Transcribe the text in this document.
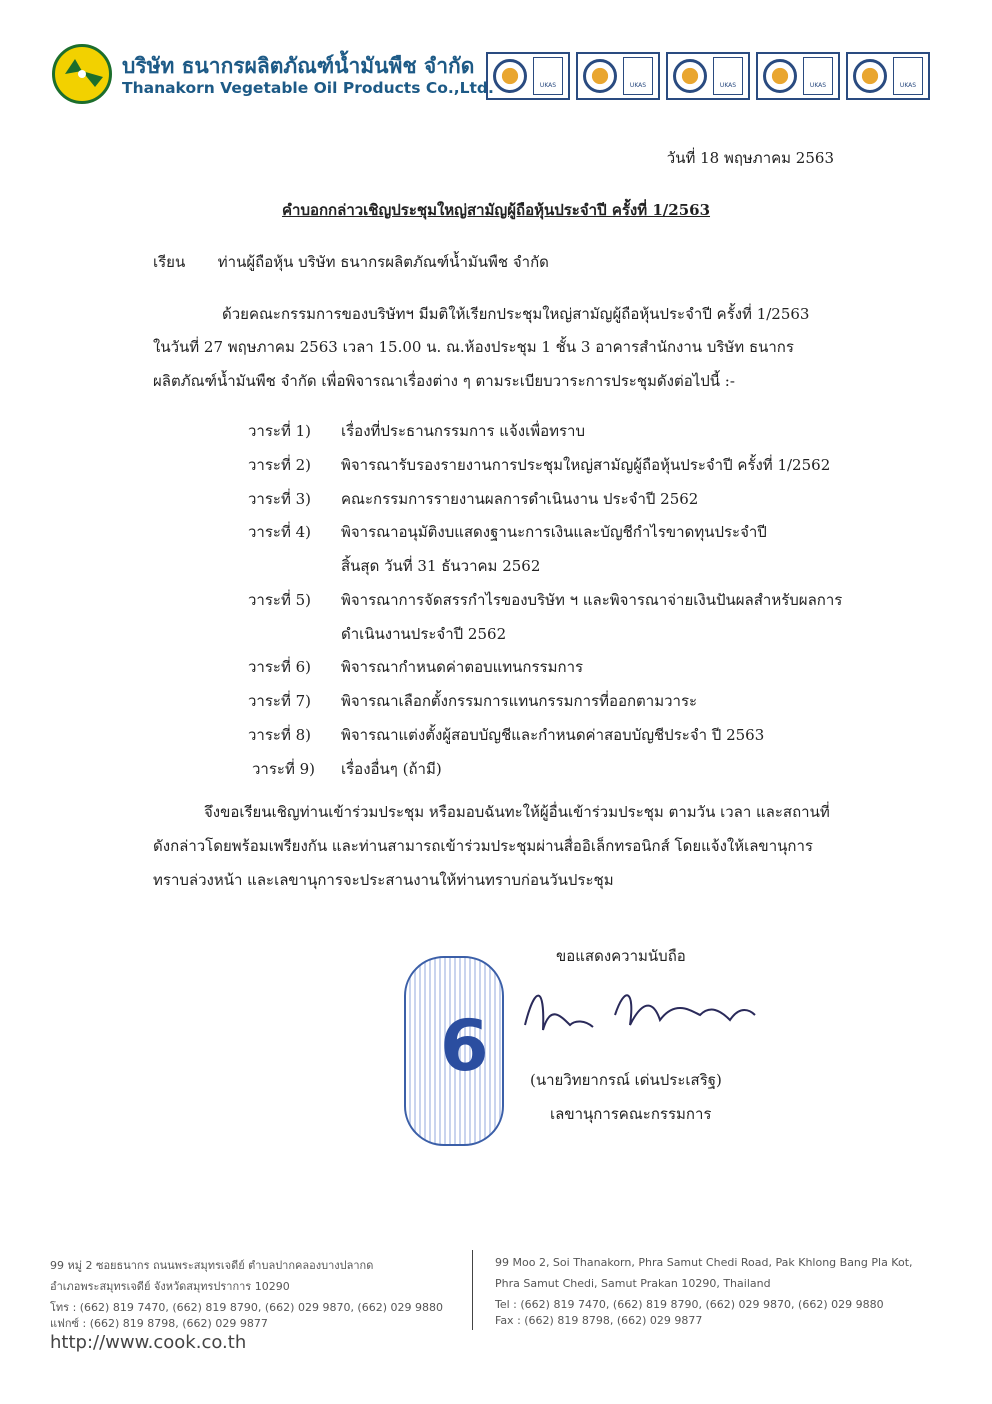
บริษัท ธนากรผลิตภัณฑ์น้ำมันพืช จำกัด
Thanakorn Vegetable Oil Products Co.,Ltd.	UKAS	UKAS	UKAS	UKAS	UKAS
วันที่ 18 พฤษภาคม 2563
คำบอกกล่าวเชิญประชุมใหญ่สามัญผู้ถือหุ้นประจำปี ครั้งที่ 1/2563
เรียน ท่านผู้ถือหุ้น บริษัท ธนากรผลิตภัณฑ์น้ำมันพืช จำกัด
ด้วยคณะกรรมการของบริษัทฯ มีมติให้เรียกประชุมใหญ่สามัญผู้ถือหุ้นประจำปี ครั้งที่ 1/2563
ในวันที่ 27 พฤษภาคม 2563 เวลา 15.00 น. ณ.ห้องประชุม 1 ชั้น 3 อาคารสำนักงาน บริษัท ธนากร
ผลิตภัณฑ์น้ำมันพืช จำกัด เพื่อพิจารณาเรื่องต่าง ๆ ตามระเบียบวาระการประชุมดังต่อไปนี้ :-
วาระที่ 1) เรื่องที่ประธานกรรมการ แจ้งเพื่อทราบ
วาระที่ 2) พิจารณารับรองรายงานการประชุมใหญ่สามัญผู้ถือหุ้นประจำปี ครั้งที่ 1/2562
วาระที่ 3) คณะกรรมการรายงานผลการดำเนินงาน ประจำปี 2562
วาระที่ 4) พิจารณาอนุมัติงบแสดงฐานะการเงินและบัญชีกำไรขาดทุนประจำปี
สิ้นสุด วันที่ 31 ธันวาคม 2562
วาระที่ 5) พิจารณาการจัดสรรกำไรของบริษัท ฯ และพิจารณาจ่ายเงินปันผลสำหรับผลการ
ดำเนินงานประจำปี 2562
วาระที่ 6) พิจารณากำหนดค่าตอบแทนกรรมการ
วาระที่ 7) พิจารณาเลือกตั้งกรรมการแทนกรรมการที่ออกตามวาระ
วาระที่ 8) พิจารณาแต่งตั้งผู้สอบบัญชีและกำหนดค่าสอบบัญชีประจำ ปี 2563
วาระที่ 9) เรื่องอื่นๆ (ถ้ามี)
จึงขอเรียนเชิญท่านเข้าร่วมประชุม หรือมอบฉันทะให้ผู้อื่นเข้าร่วมประชุม ตามวัน เวลา และสถานที่
ดังกล่าวโดยพร้อมเพรียงกัน และท่านสามารถเข้าร่วมประชุมผ่านสื่ออิเล็กทรอนิกส์ โดยแจ้งให้เลขานุการ
ทราบล่วงหน้า และเลขานุการจะประสานงานให้ท่านทราบก่อนวันประชุม
ขอแสดงความนับถือ
6	(นายวิทยากรณ์ เด่นประเสริฐ)
เลขานุการคณะกรรมการ
99 หมู่ 2 ซอยธนากร ถนนพระสมุทรเจดีย์ ตำบลปากคลองบางปลากด
อำเภอพระสมุทรเจดีย์ จังหวัดสมุทรปราการ 10290
โทร : (662) 819 7470, (662) 819 8790, (662) 029 9870, (662) 029 9880
แฟกซ์ : (662) 819 8798, (662) 029 9877
99 Moo 2, Soi Thanakorn, Phra Samut Chedi Road, Pak Khlong Bang Pla Kot,
Phra Samut Chedi, Samut Prakan 10290, Thailand
Tel : (662) 819 7470, (662) 819 8790, (662) 029 9870, (662) 029 9880
Fax : (662) 819 8798, (662) 029 9877
http://www.cook.co.th
